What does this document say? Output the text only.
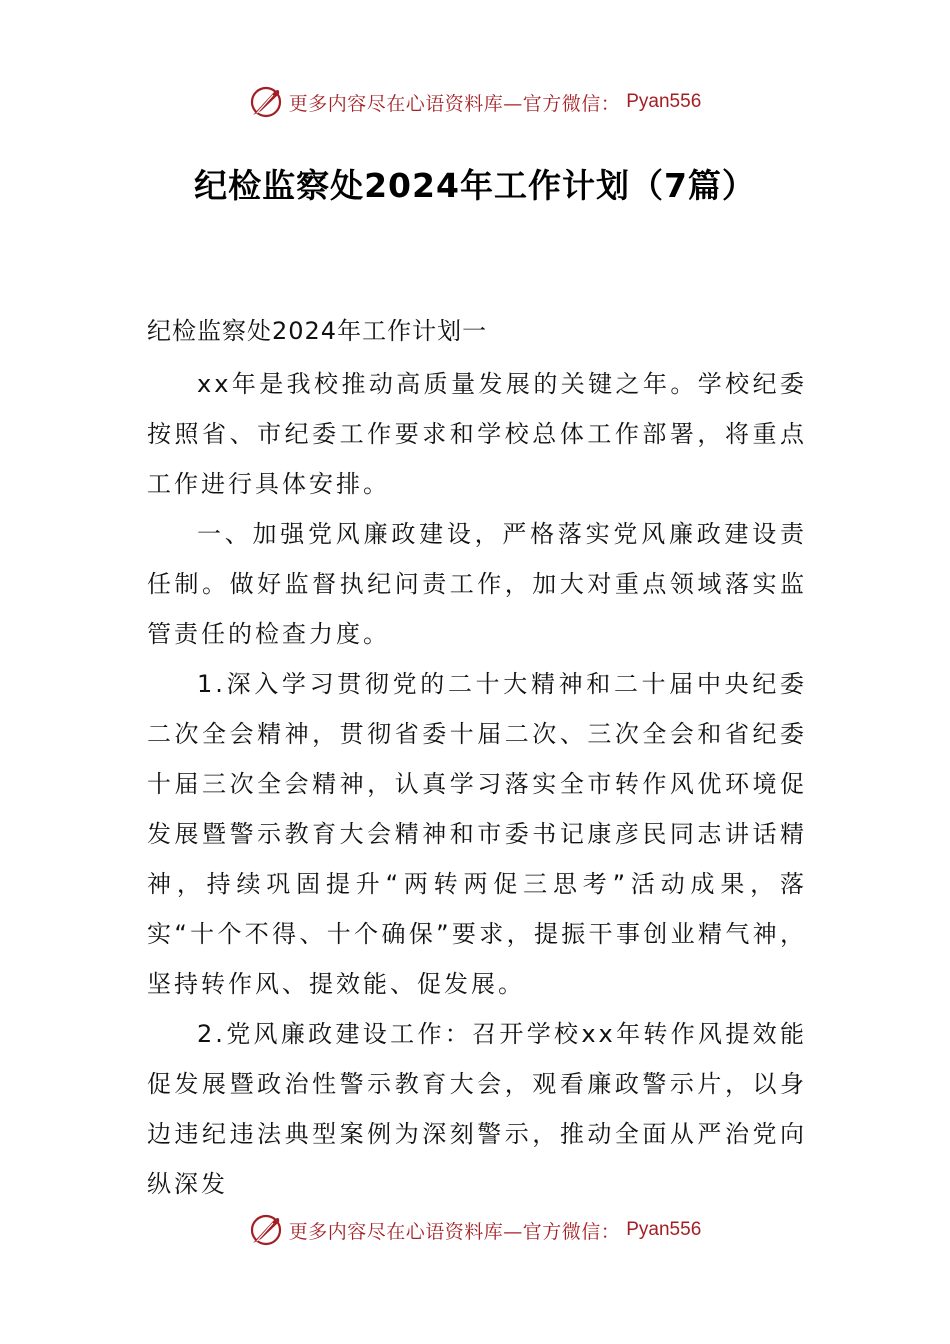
更多内容尽在心语资料库—官方微信： Pyan556
纪检监察处2024年工作计划（7篇）

纪检监察处2024年工作计划一

xx年是我校推动高质量发展的关键之年。学校纪委按照省、市纪委工作要求和学校总体工作部署，将重点工作进行具体安排。

一、加强党风廉政建设，严格落实党风廉政建设责任制。做好监督执纪问责工作，加大对重点领域落实监管责任的检查力度。

1.深入学习贯彻党的二十大精神和二十届中央纪委二次全会精神，贯彻省委十届二次、三次全会和省纪委十届三次全会精神，认真学习落实全市转作风优环境促发展暨警示教育大会精神和市委书记康彦民同志讲话精神，持续巩固提升“两转两促三思考”活动成果，落实“十个不得、十个确保”要求，提振干事创业精气神，坚持转作风、提效能、促发展。

2.党风廉政建设工作：召开学校xx年转作风提效能促发展暨政治性警示教育大会，观看廉政警示片，以身边违纪违法典型案例为深刻警示，推动全面从严治党向纵深发

更多内容尽在心语资料库—官方微信： Pyan556
